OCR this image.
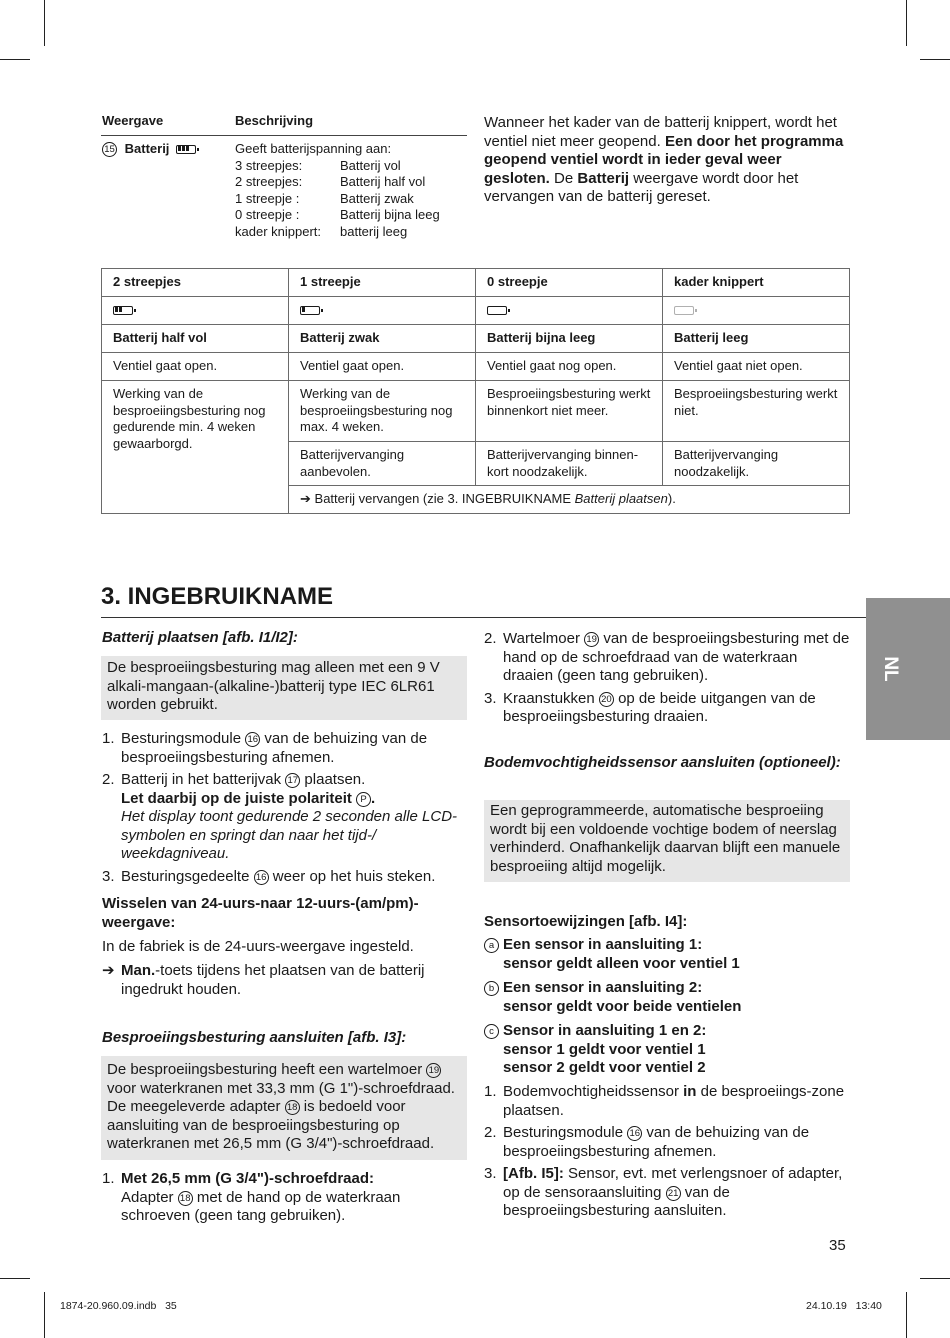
Weergave	Beschrijving
15 Batterij	Geeft batterijspanning aan:
3 streepjes:	Batterij vol
2 streepjes:	Batterij half vol
1 streepje :	Batterij zwak
0 streepje :	Batterij bijna leeg
kader knippert:	batterij leeg
Wanneer het kader van de batterij knippert, wordt het ventiel niet meer geopend. Een door het programma geopend ventiel wordt in ieder geval weer gesloten. De Batterij weergave wordt door het vervangen van de batterij gereset.
2 streepjes	1 streepje	0 streepje	kader knippert

Batterij half vol	Batterij zwak	Batterij bijna leeg	Batterij leeg
Ventiel gaat open.	Ventiel gaat open.	Ventiel gaat nog open.	Ventiel gaat niet open.
Werking van de besproeiingsbesturing nog gedurende min. 4 weken gewaarborgd.	Werking van de besproeiingsbesturing nog max. 4 weken.	Besproeiingsbesturing werkt binnenkort niet meer.	Besproeiingsbesturing werkt niet.
	Batterijvervanging aanbevolen.	Batterijvervanging binnen-kort noodzakelijk.	Batterijvervanging noodzakelijk.
	➔ Batterij vervangen (zie 3. INGEBRUIKNAME Batterij plaatsen).		
3. INGEBRUIKNAME
NL
Batterij plaatsen [afb. I1/I2]:
De besproeiingsbesturing mag alleen met een 9 V alkali-mangaan-(alkaline-)batterij type IEC 6LR61 worden gebruikt.
1. Besturingsmodule 16 van de behuizing van de besproeiingsbesturing afnemen.
2. Batterij in het batterijvak 17 plaatsen.
Let daarbij op de juiste polariteit P .
Het display toont gedurende 2 seconden alle LCD-symbolen en springt dan naar het tijd-/ weekdagniveau.
3. Besturingsgedeelte 16 weer op het huis steken.
Wisselen van 24-uurs-naar 12-uurs-(am/pm)-weergave:
In de fabriek is de 24-uurs-weergave ingesteld.
➔ Man.-toets tijdens het plaatsen van de batterij ingedrukt houden.
Besproeiingsbesturing aansluiten [afb. I3]:
De besproeiingsbesturing heeft een wartelmoer 19 voor waterkranen met 33,3 mm (G 1")-schroefdraad. De meegeleverde adapter 18 is bedoeld voor aansluiting van de besproeiingsbesturing op waterkranen met 26,5 mm (G 3/4")-schroefdraad.
1. Met 26,5 mm (G 3/4")-schroefdraad:
Adapter 18 met de hand op de waterkraan schroeven (geen tang gebruiken).
2. Wartelmoer 19 van de besproeiingsbesturing met de hand op de schroefdraad van de waterkraan draaien (geen tang gebruiken).
3. Kraanstukken 20 op de beide uitgangen van de besproeiingsbesturing draaien.
Bodemvochtigheidssensor aansluiten (optioneel):
Een geprogrammeerde, automatische besproeiing wordt bij een voldoende vochtige bodem of neerslag verhinderd. Onafhankelijk daarvan blijft een manuele besproeiing altijd mogelijk.
Sensortoewijzingen [afb. I4]:
a Een sensor in aansluiting 1:
sensor geldt alleen voor ventiel 1
b Een sensor in aansluiting 2:
sensor geldt voor beide ventielen
c Sensor in aansluiting 1 en 2:
sensor 1 geldt voor ventiel 1
sensor 2 geldt voor ventiel 2
1. Bodemvochtigheidssensor in de besproeiings-zone plaatsen.
2. Besturingsmodule 16 van de behuizing van de besproeiingsbesturing afnemen.
3. [Afb. I5]: Sensor, evt. met verlengsnoer of adapter, op de sensoraansluiting 21 van de besproeiingsbesturing aansluiten.
35
1874-20.960.09.indb   35	24.10.19   13:40
